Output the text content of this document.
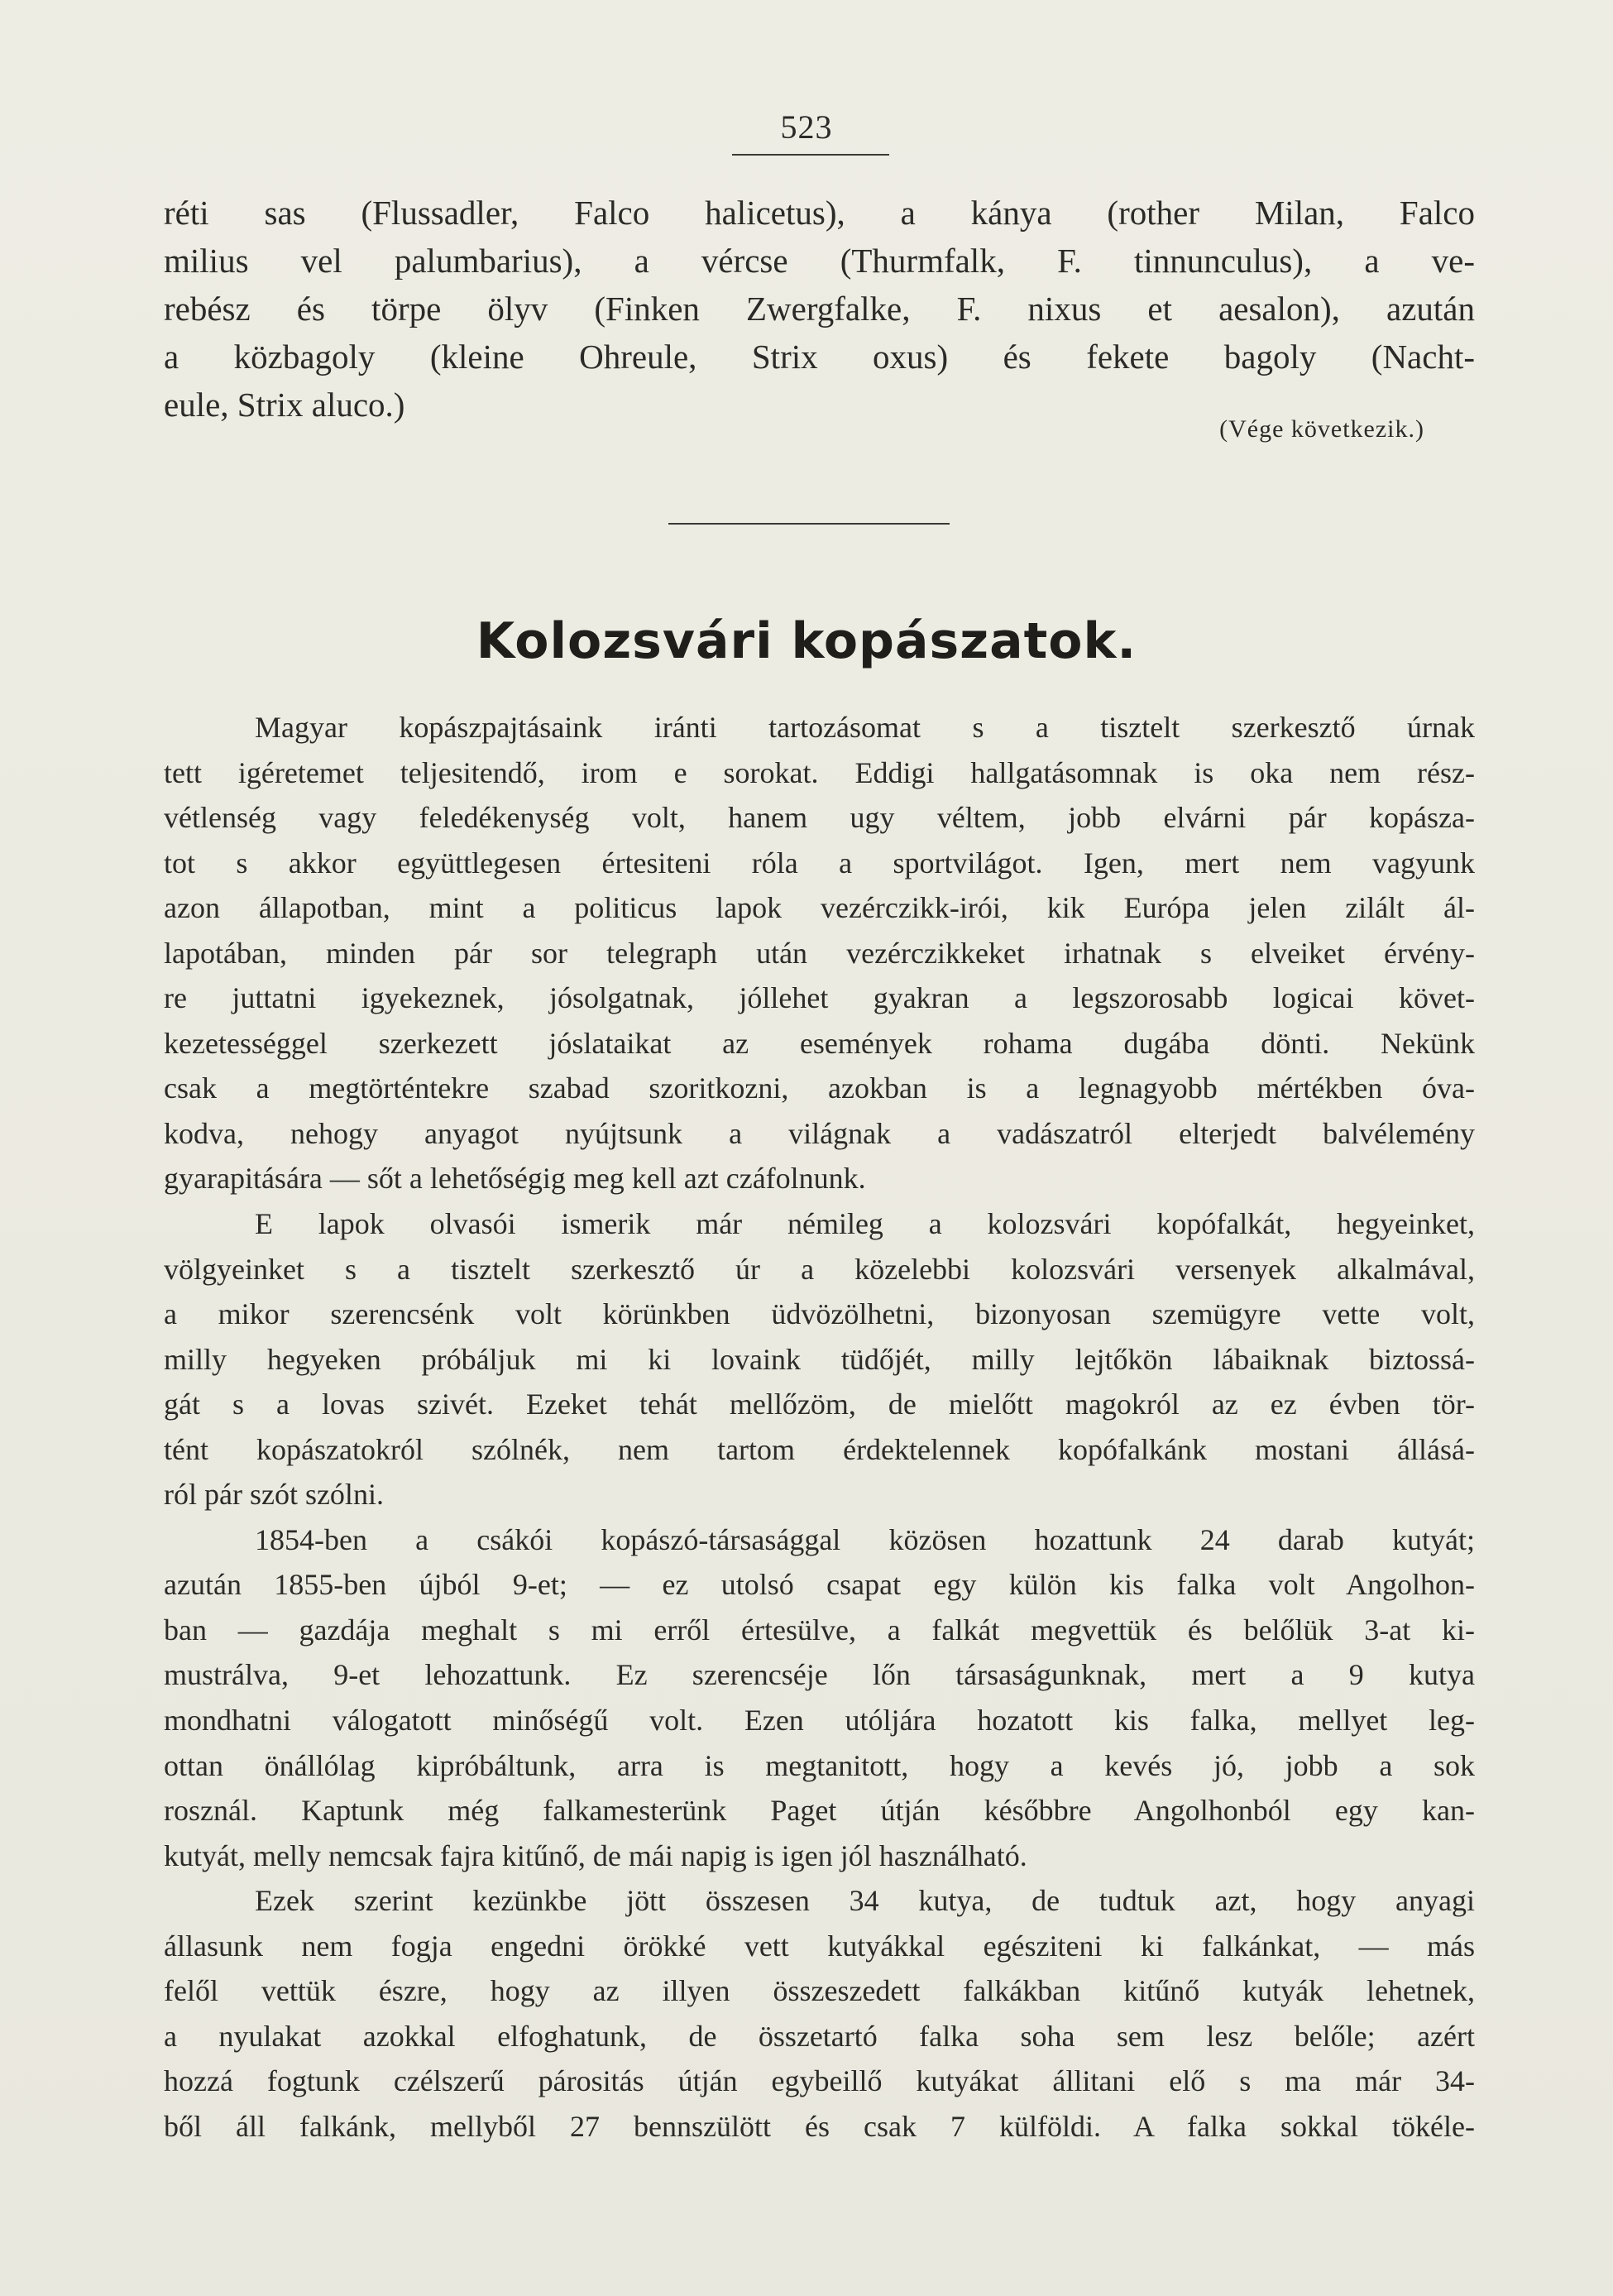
523
réti sas (Flussadler, Falco halicetus), a kánya (rother Milan, Falco
milius vel palumbarius), a vércse (Thurmfalk, F. tinnunculus), a ve-
rebész és törpe ölyv (Finken Zwergfalke, F. nixus et aesalon), azután
a közbagoly (kleine Ohreule, Strix oxus) és fekete bagoly (Nacht-
eule, Strix aluco.)
(Vége következik.)
Kolozsvári kopászatok.
Magyar kopászpajtásaink iránti tartozásomat s a tisztelt szerkesztő úrnak
tett igéretemet teljesitendő, irom e sorokat. Eddigi hallgatásomnak is oka nem rész-
vétlenség vagy feledékenység volt, hanem ugy véltem, jobb elvárni pár kopásza-
tot s akkor együttlegesen értesiteni róla a sportvilágot. Igen, mert nem vagyunk
azon állapotban, mint a politicus lapok vezérczikk-irói, kik Európa jelen zilált ál-
lapotában, minden pár sor telegraph után vezérczikkeket irhatnak s elveiket érvény-
re juttatni igyekeznek, jósolgatnak, jóllehet gyakran a legszorosabb logicai követ-
kezetességgel szerkezett jóslataikat az események rohama dugába dönti. Nekünk
csak a megtörténtekre szabad szoritkozni, azokban is a legnagyobb mértékben óva-
kodva, nehogy anyagot nyújtsunk a világnak a vadászatról elterjedt balvélemény
gyarapitására — sőt a lehetőségig meg kell azt czáfolnunk.
E lapok olvasói ismerik már némileg a kolozsvári kopófalkát, hegyeinket,
völgyeinket s a tisztelt szerkesztő úr a közelebbi kolozsvári versenyek alkalmával,
a mikor szerencsénk volt körünkben üdvözölhetni, bizonyosan szemügyre vette volt,
milly hegyeken próbáljuk mi ki lovaink tüdőjét, milly lejtőkön lábaiknak biztossá-
gát s a lovas szivét. Ezeket tehát mellőzöm, de mielőtt magokról az ez évben tör-
tént kopászatokról szólnék, nem tartom érdektelennek kopófalkánk mostani állásá-
ról pár szót szólni.
1854-ben a csákói kopászó-társasággal közösen hozattunk 24 darab kutyát;
azután 1855-ben újból 9-et; — ez utolsó csapat egy külön kis falka volt Angolhon-
ban — gazdája meghalt s mi erről értesülve, a falkát megvettük és belőlük 3-at ki-
mustrálva, 9-et lehozattunk. Ez szerencséje lőn társaságunknak, mert a 9 kutya
mondhatni válogatott minőségű volt. Ezen utóljára hozatott kis falka, mellyet leg-
ottan önállólag kipróbáltunk, arra is megtanitott, hogy a kevés jó, jobb a sok
rosznál. Kaptunk még falkamesterünk Paget útján későbbre Angolhonból egy kan-
kutyát, melly nemcsak fajra kitűnő, de mái napig is igen jól használható.
Ezek szerint kezünkbe jött összesen 34 kutya, de tudtuk azt, hogy anyagi
állasunk nem fogja engedni örökké vett kutyákkal egésziteni ki falkánkat, — más
felől vettük észre, hogy az illyen összeszedett falkákban kitűnő kutyák lehetnek,
a nyulakat azokkal elfoghatunk, de összetartó falka soha sem lesz belőle; azért
hozzá fogtunk czélszerű párositás útján egybeillő kutyákat állitani elő s ma már 34-
ből áll falkánk, mellyből 27 bennszülött és csak 7 külföldi. A falka sokkal tökéle-
